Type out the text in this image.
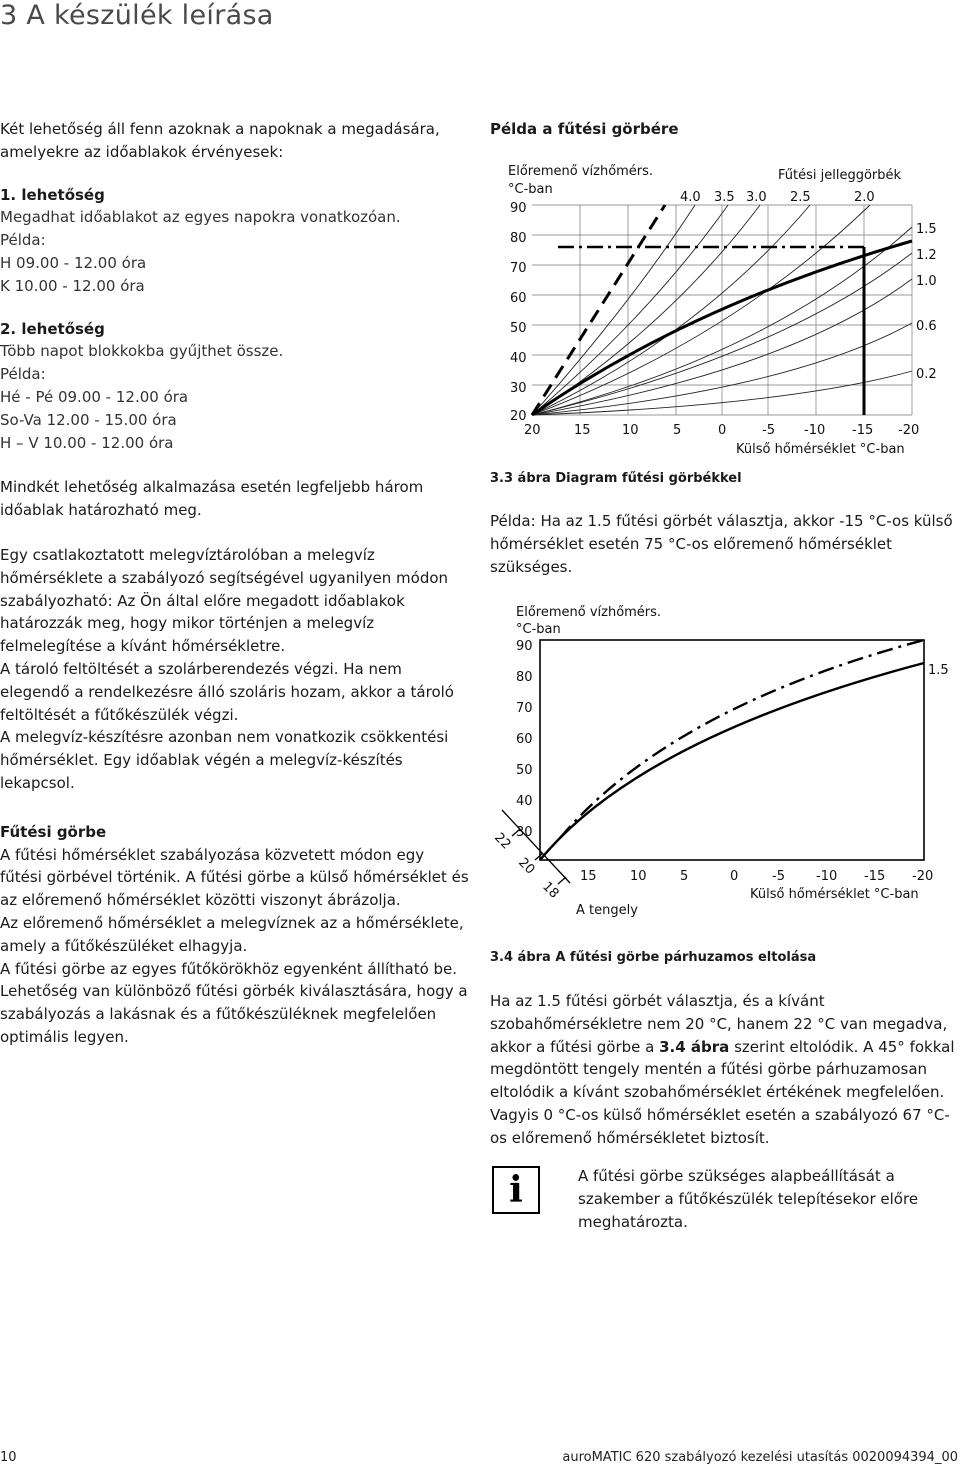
3 A készülék leírása

Két lehetőség áll fenn azoknak a napoknak a megadására, amelyekre az időablakok érvényesek:

1. lehetőség

Megadhat időablakot az egyes napokra vonatkozóan.

Példa:

H 09.00 - 12.00 óra

K 10.00 - 12.00 óra

2. lehetőség

Több napot blokkokba gyűjthet össze.

Példa:

Hé - Pé 09.00 - 12.00 óra

So-Va 12.00 - 15.00 óra

H – V 10.00 - 12.00 óra

Mindkét lehetőség alkalmazása esetén legfeljebb három időablak határozható meg.

Egy csatlakoztatott melegvíztárolóban a melegvíz hőmérséklete a szabályozó segítségével ugyanilyen módon szabályozható: Az Ön által előre megadott időablakok határozzák meg, hogy mikor történjen a melegvíz felmelegítése a kívánt hőmérsékletre.

A tároló feltöltését a szolárberendezés végzi. Ha nem elegendő a rendelkezésre álló szoláris hozam, akkor a tároló feltöltését a fűtőkészülék végzi.

A melegvíz-készítésre azonban nem vonatkozik csökkentési hőmérséklet. Egy időablak végén a melegvíz-készítés lekapcsol.

Fűtési görbe

A fűtési hőmérséklet szabályozása közvetett módon egy fűtési görbével történik. A fűtési görbe a külső hőmérséklet és az előremenő hőmérséklet közötti viszonyt ábrázolja.

Az előremenő hőmérséklet a melegvíznek az a hőmérséklete, amely a fűtőkészüléket elhagyja.

A fűtési görbe az egyes fűtőkörökhöz egyenként állítható be.

Lehetőség van különböző fűtési görbék kiválasztására, hogy a szabályozás a lakásnak és a fűtőkészüléknek megfelelően optimális legyen.

Példa a fűtési görbére
Előremenő vízhőmérs.
°C-ban
Fűtési jelleggörbék
90
80
70
60
50
40
30
20
4.0 3.5 3.0 2.5	2.0
1.5
1.2
1.0
0.6
0.2
20	15 10	5	0	-5 -10 -15 -20
Külső hőmérséklet °C-ban
3.3 ábra Diagram fűtési görbékkel
Példa: Ha az 1.5 fűtési görbét választja, akkor -15 °C-os külső hőmérséklet esetén 75 °C-os előremenő hőmérséklet szükséges.
Előremenő vízhőmérs.
°C-ban
90
80
70
60
50
40
30
1.5
22
20
18
15	10	5	0	-5 -10 -15 -20
Külső hőmérséklet °C-ban
A tengely
3.4 ábra A fűtési görbe párhuzamos eltolása
Ha az 1.5 fűtési görbét választja, és a kívánt szobahőmérsékletre nem 20 °C, hanem 22 °C van megadva, akkor a fűtési görbe a 3.4 ábra szerint eltolódik. A 45° fokkal megdöntött tengely mentén a fűtési görbe párhuzamosan eltolódik a kívánt szobahőmérséklet értékének megfelelően. Vagyis 0 °C-os külső hőmérséklet esetén a szabályozó 67 °C-os előremenő hőmérsékletet biztosít.
i	A fűtési görbe szükséges alapbeállítását a szakember a fűtőkészülék telepítésekor előre meghatározta.
10	auroMATIC 620 szabályozó kezelési utasítás 0020094394_00
